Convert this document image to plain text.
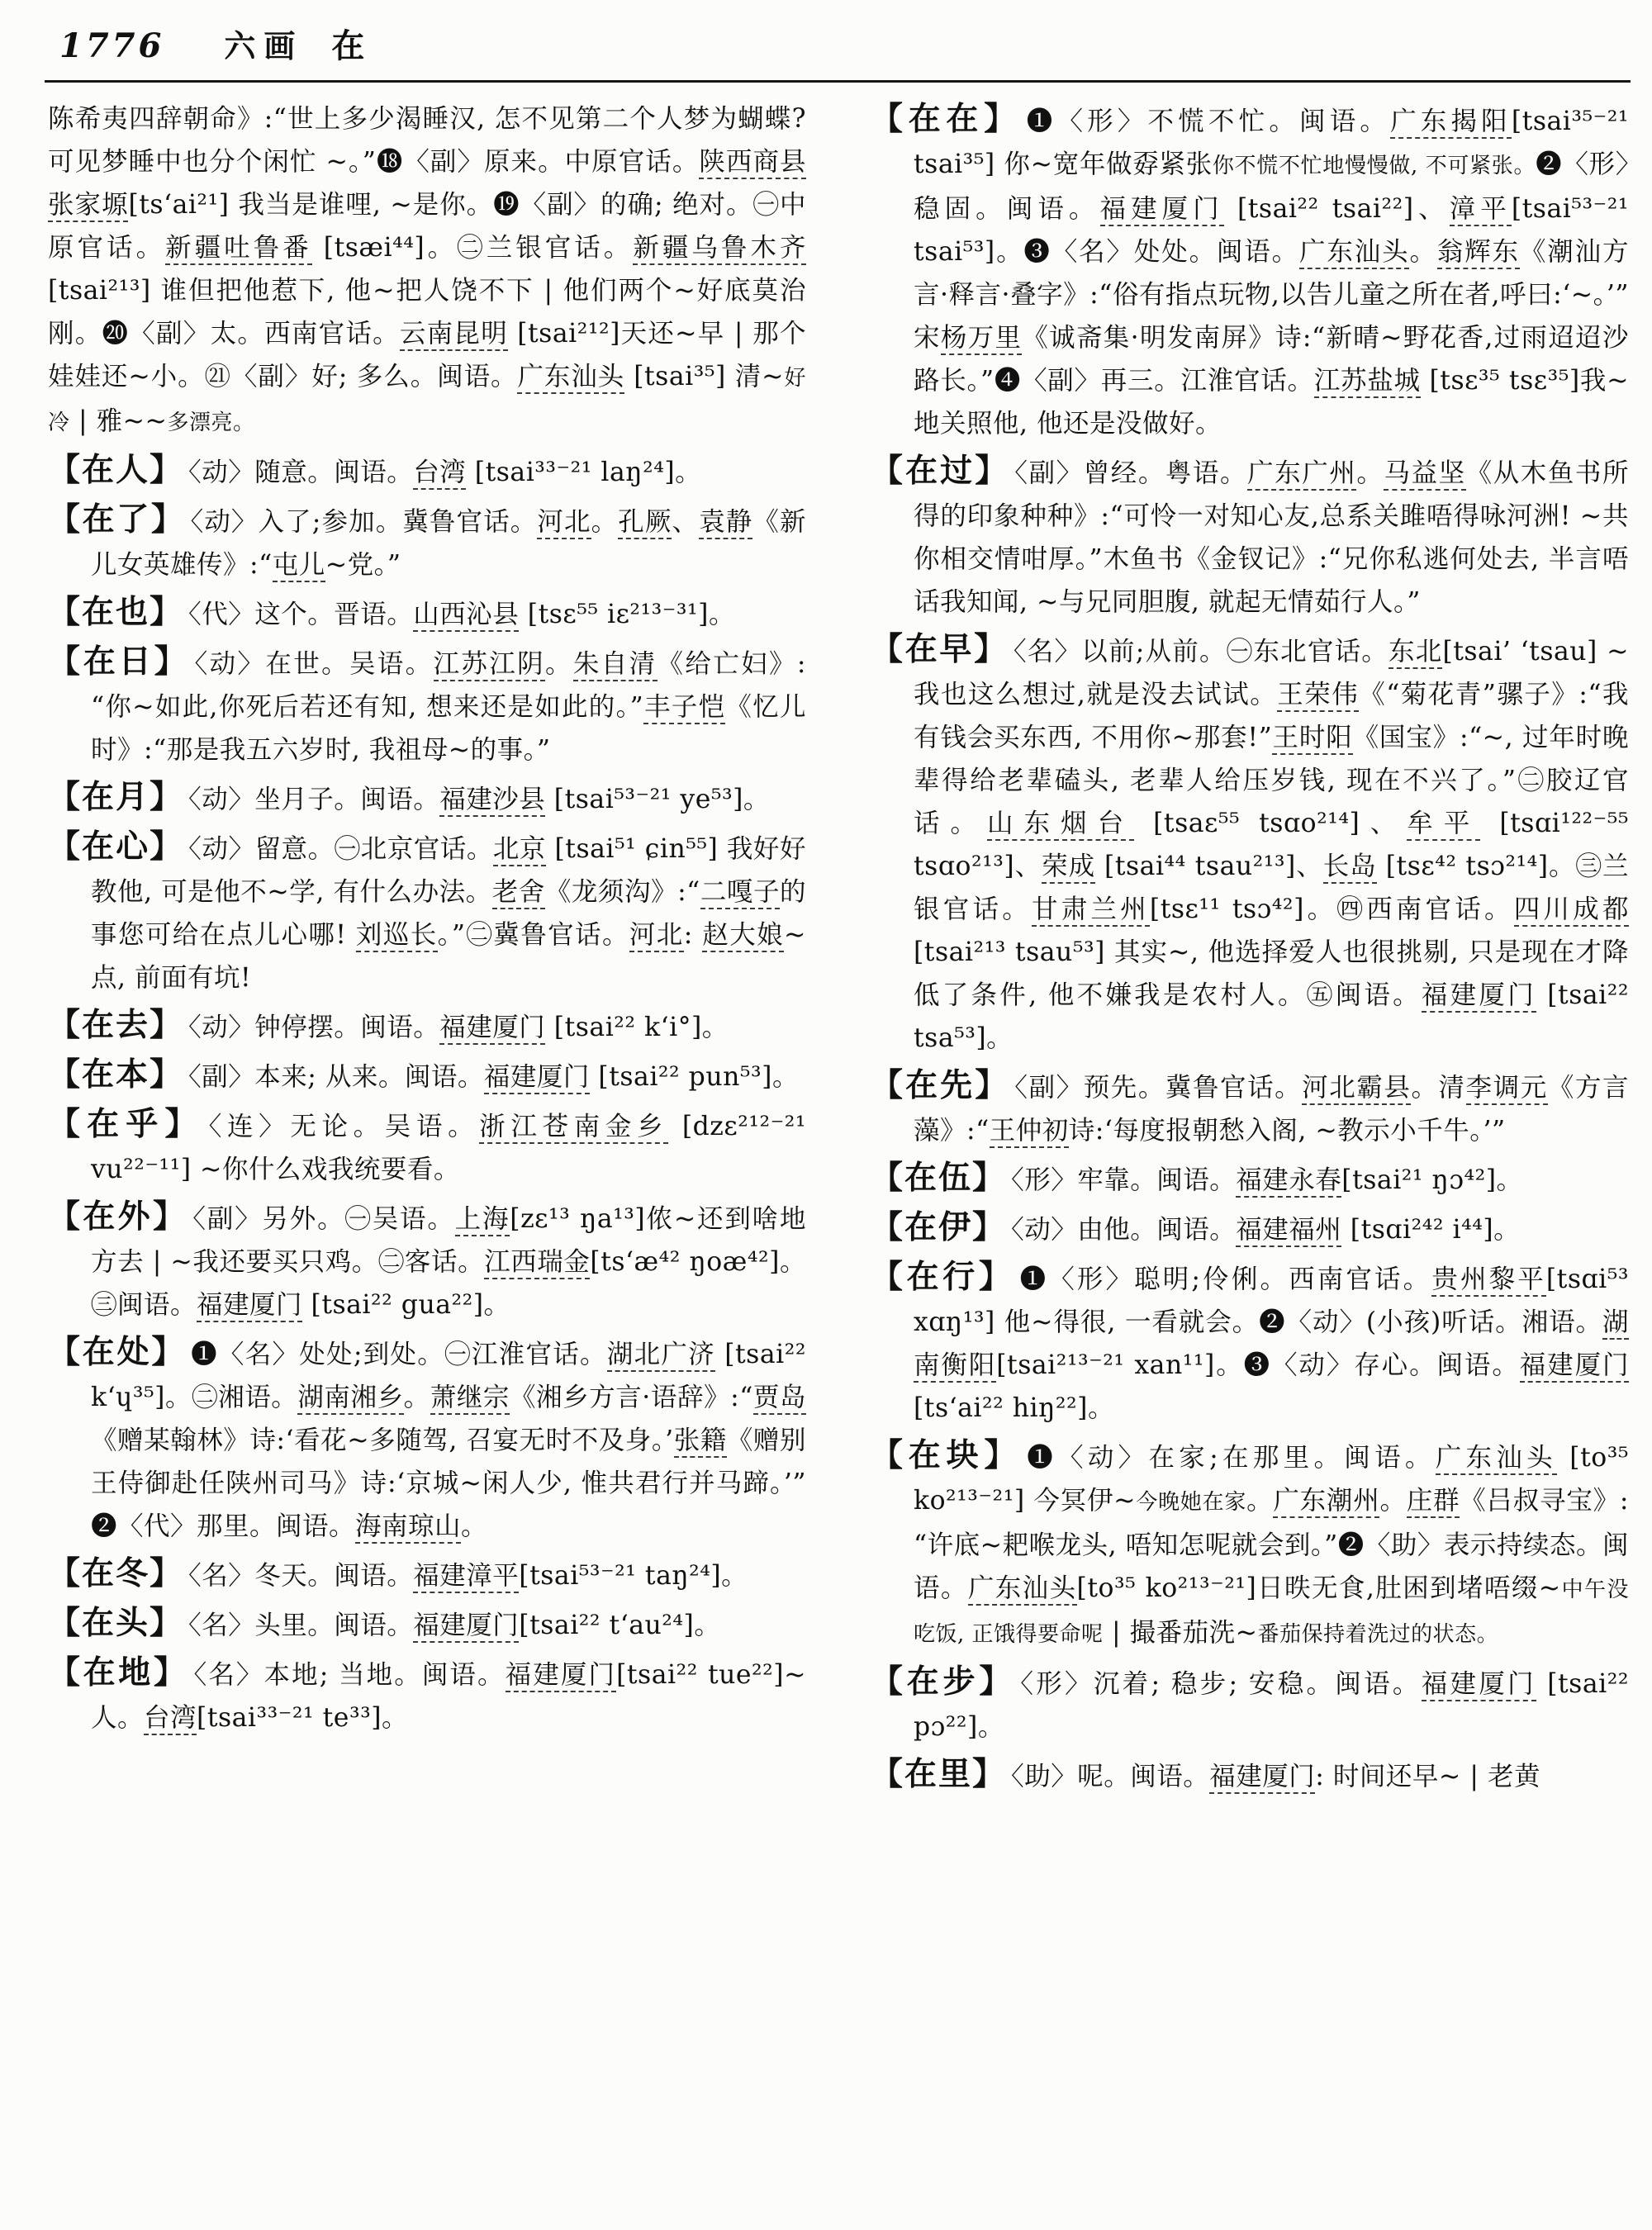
1776 六画 在

陈希夷四辞朝命》:“世上多少渴睡汉, 怎不见第二个人梦为蝴蝶? 可见梦睡中也分个闲忙 ~。”⓲〈副〉原来。中原官话。陕西商县张家塬[ts‘ai²¹] 我当是谁哩, ~是你。⓳〈副〉的确; 绝对。㊀中原官话。新疆吐鲁番 [tsæi⁴⁴]。㊁兰银官话。新疆乌鲁木齐 [tsai²¹³] 谁但把他惹下, 他~把人饶不下 | 他们两个~好底莫治刚。⓴〈副〉太。西南官话。云南昆明 [tsai²¹²]天还~早 | 那个娃娃还~小。㉑〈副〉好; 多么。闽语。广东汕头 [tsai³⁵] 清~好冷 | 雅~~多漂亮。

【在人】 〈动〉随意。闽语。台湾 [tsai³³⁻²¹ laŋ²⁴]。

【在了】 〈动〉入了;参加。冀鲁官话。河北。孔厥、袁静《新儿女英雄传》:“屯儿~党。”

【在也】 〈代〉这个。晋语。山西沁县 [tsɛ⁵⁵ iɛ²¹³⁻³¹]。

【在日】 〈动〉在世。吴语。江苏江阴。朱自清《给亡妇》:“你~如此,你死后若还有知, 想来还是如此的。”丰子恺《忆儿时》:“那是我五六岁时, 我祖母~的事。”

【在月】 〈动〉坐月子。闽语。福建沙县 [tsai⁵³⁻²¹ ye⁵³]。

【在心】 〈动〉留意。㊀北京官话。北京 [tsai⁵¹ ɕin⁵⁵] 我好好教他, 可是他不~学, 有什么办法。老舍《龙须沟》:“二嘎子的事您可给在点儿心哪! 刘巡长。”㊁冀鲁官话。河北: 赵大娘~点, 前面有坑!

【在去】 〈动〉钟停摆。闽语。福建厦门 [tsai²² k‘i°]。

【在本】 〈副〉本来; 从来。闽语。福建厦门 [tsai²² pun⁵³]。

【在乎】 〈连〉无论。吴语。浙江苍南金乡 [dzɛ²¹²⁻²¹ vu²²⁻¹¹] ~你什么戏我统要看。

【在外】 〈副〉另外。㊀吴语。上海[zɛ¹³ ŋa¹³]侬~还到啥地方去 | ~我还要买只鸡。㊁客话。江西瑞金[ts‘æ⁴² ŋoæ⁴²]。㊂闽语。福建厦门 [tsai²² gua²²]。

【在处】 ❶〈名〉处处;到处。㊀江淮官话。湖北广济 [tsai²² k‘ɥ³⁵]。㊁湘语。湖南湘乡。萧继宗《湘乡方言·语辞》:“贾岛《赠某翰林》诗:‘看花~多随驾, 召宴无时不及身。’张籍《赠别王侍御赴任陕州司马》诗:‘京城~闲人少, 惟共君行并马蹄。’”❷〈代〉那里。闽语。海南琼山。

【在冬】 〈名〉冬天。闽语。福建漳平[tsai⁵³⁻²¹ taŋ²⁴]。

【在头】 〈名〉头里。闽语。福建厦门[tsai²² t‘au²⁴]。

【在地】 〈名〉本地; 当地。闽语。福建厦门[tsai²² tue²²]~人。台湾[tsai³³⁻²¹ te³³]。

【在在】 ❶〈形〉不慌不忙。闽语。广东揭阳[tsai³⁵⁻²¹ tsai³⁵] 你~宽年做孬紧张你不慌不忙地慢慢做, 不可紧张。❷〈形〉稳固。闽语。福建厦门 [tsai²² tsai²²]、漳平[tsai⁵³⁻²¹ tsai⁵³]。❸〈名〉处处。闽语。广东汕头。翁辉东《潮汕方言·释言·叠字》:“俗有指点玩物,以告儿童之所在者,呼曰:‘~。’”宋杨万里《诚斋集·明发南屏》诗:“新晴~野花香,过雨迢迢沙路长。”❹〈副〉再三。江淮官话。江苏盐城 [tsɛ³⁵ tsɛ³⁵]我~地关照他, 他还是没做好。

【在过】 〈副〉曾经。粤语。广东广州。马益坚《从木鱼书所得的印象种种》:“可怜一对知心友,总系关雎唔得咏河洲! ~共你相交情咁厚。”木鱼书《金钗记》:“兄你私逃何处去, 半言唔话我知闻, ~与兄同胆腹, 就起无情茹行人。”

【在早】 〈名〉以前;从前。㊀东北官话。东北[tsai’ ‘tsau] ~我也这么想过,就是没去试试。王荣伟《“菊花青”骡子》:“我有钱会买东西, 不用你~那套!”王时阳《国宝》:“~, 过年时晚辈得给老辈磕头, 老辈人给压岁钱, 现在不兴了。”㊁胶辽官话。山东烟台 [tsaɛ⁵⁵ tsɑo²¹⁴]、牟平 [tsɑi¹²²⁻⁵⁵ tsɑo²¹³]、荣成 [tsai⁴⁴ tsau²¹³]、长岛 [tsɛ⁴² tsɔ²¹⁴]。㊂兰银官话。甘肃兰州[tsɛ¹¹ tsɔ⁴²]。㊃西南官话。四川成都 [tsai²¹³ tsau⁵³] 其实~, 他选择爱人也很挑剔, 只是现在才降低了条件, 他不嫌我是农村人。㊄闽语。福建厦门 [tsai²² tsa⁵³]。

【在先】 〈副〉预先。冀鲁官话。河北霸县。清李调元《方言藻》:“王仲初诗:‘每度报朝愁入阁, ~教示小千牛。’”

【在伍】 〈形〉牢靠。闽语。福建永春[tsai²¹ ŋɔ⁴²]。

【在伊】 〈动〉由他。闽语。福建福州 [tsɑi²⁴² i⁴⁴]。

【在行】 ❶〈形〉聪明;伶俐。西南官话。贵州黎平[tsɑi⁵³ xɑŋ¹³] 他~得很, 一看就会。❷〈动〉(小孩)听话。湘语。湖南衡阳[tsai²¹³⁻²¹ xan¹¹]。❸〈动〉存心。闽语。福建厦门[ts‘ai²² hiŋ²²]。

【在块】 ❶〈动〉在家;在那里。闽语。广东汕头 [to³⁵ ko²¹³⁻²¹] 今冥伊~今晚她在家。广东潮州。庄群《吕叔寻宝》:“许底~耙喉龙头, 唔知怎呢就会到。”❷〈助〉表示持续态。闽语。广东汕头[to³⁵ ko²¹³⁻²¹]日昳无食,肚困到堵唔缀~中午没吃饭, 正饿得要命呢 | 撮番茄洗~番茄保持着洗过的状态。

【在步】 〈形〉沉着; 稳步; 安稳。闽语。福建厦门 [tsai²² pɔ²²]。

【在里】 〈助〉呢。闽语。福建厦门: 时间还早~ | 老黄
